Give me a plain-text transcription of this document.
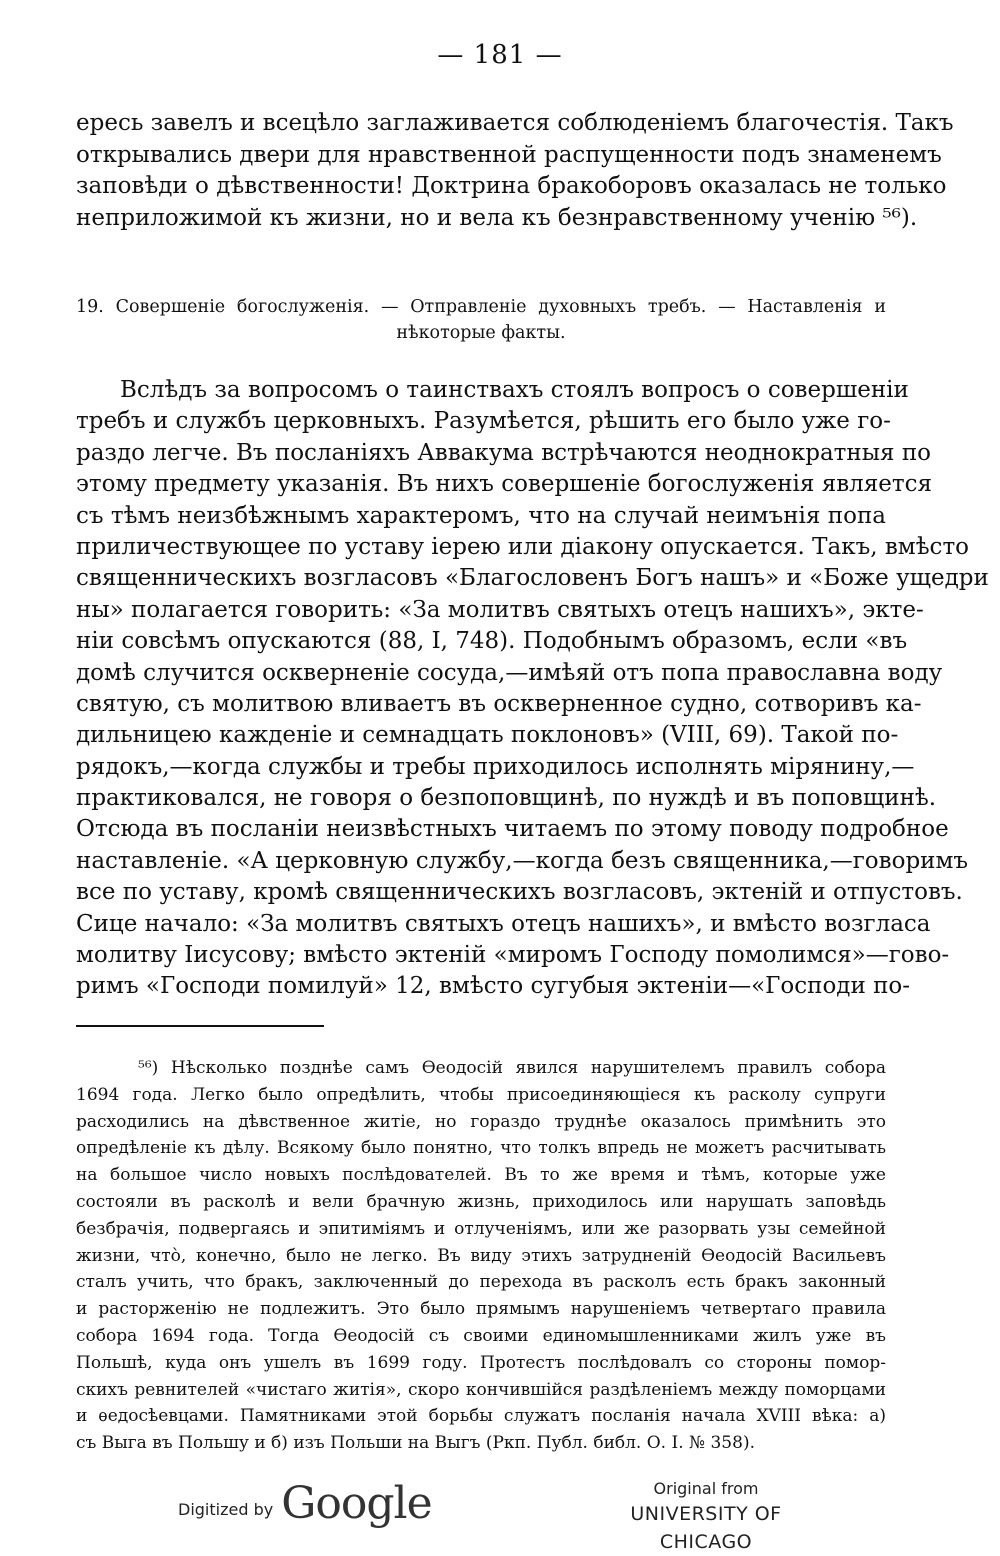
— 181 —
ересь завелъ и всецѣло заглаживается соблюденіемъ благочестія. Такъ
открывались двери для нравственной распущенности подъ знаменемъ
заповѣди о дѣвственности! Доктрина бракоборовъ оказалась не только
неприложимой къ жизни, но и вела къ безнравственному ученію ⁵⁶).
19. Совершеніе богослуженія. — Отправленіе духовныхъ требъ. — Наставленія и
нѣкоторые факты.
Вслѣдъ за вопросомъ о таинствахъ стоялъ вопросъ о совершеніи
требъ и службъ церковныхъ. Разумѣется, рѣшить его было уже го-
раздо легче. Въ посланіяхъ Аввакума встрѣчаются неоднократныя по
этому предмету указанія. Въ нихъ совершеніе богослуженія является
съ тѣмъ неизбѣжнымъ характеромъ, что на случай неимънія попа
приличествующее по уставу іерею или діакону опускается. Такъ, вмѣсто
священническихъ возгласовъ «Благословенъ Богъ нашъ» и «Боже ущедри
ны» полагается говорить: «За молитвъ святыхъ отецъ нашихъ», эктe-
ніи совсѣмъ опускаются (88, I, 748). Подобнымъ образомъ, если «въ
домѣ случится оскверненіе сосуда,—имѣяй отъ попа православна воду
святую, съ молитвою вливаетъ въ оскверненное судно, сотворивъ ка-
дильницею кажденіе и семнадцать поклоновъ» (VIII, 69). Такой по-
рядокъ,—когда службы и требы приходилось исполнять мірянину,—
практиковался, не говоря о безпоповщинѣ, по нуждѣ и въ поповщинѣ.
Отсюда въ посланіи неизвѣстныхъ читаемъ по этому поводу подробное
наставленіе. «А церковную службу,—когда безъ священника,—говоримъ
все по уставу, кромѣ священническихъ возгласовъ, эктеній и отпустовъ.
Сице начало: «За молитвъ святыхъ отецъ нашихъ», и вмѣсто возгласа
молитву Іисусову; вмѣсто эктеній «миромъ Господу помолимся»—гово-
римъ «Господи помилуй» 12, вмѣсто сугубыя эктеніи—«Господи по-
⁵⁶) Нѣсколько позднѣе самъ Ѳеодосій явился нарушителемъ правилъ собора
1694 года. Легко было опредѣлить, чтобы присоединяющіеся къ расколу супруги
расходились на дѣвственное житіе, но гораздо труднѣе оказалось примѣнить это
опредѣленіе къ дѣлу. Всякому было понятно, что толкъ впредь не можетъ расчитывать
на большое число новыхъ послѣдователей. Въ то же время и тѣмъ, которые уже
состояли въ расколѣ и вели брачную жизнь, приходилось или нарушать заповѣдь
безбрачія, подвергаясь и эпитиміямъ и отлученіямъ, или же разорвать узы семейной
жизни, что̀, конечно, было не легко. Въ виду этихъ затрудненій Ѳеодосій Васильевъ
сталъ учить, что бракъ, заключенный до перехода въ расколъ есть бракъ законный
и расторженію не подлежитъ. Это было прямымъ нарушеніемъ четвертаго правила
собора 1694 года. Тогда Ѳеодосій съ своими единомышленниками жилъ уже въ
Польшѣ, куда онъ ушелъ въ 1699 году. Протестъ послѣдовалъ со стороны помор-
скихъ ревнителей «чистаго житія», скоро кончившійся раздѣленіемъ между поморцами
и ѳедосѣевцами. Памятниками этой борьбы служатъ посланія начала XVIII вѣка: а)
съ Выга въ Польшу и б) изъ Польши на Выгъ (Ркп. Публ. библ. О. I. № 358).
Digitized by Google	Original from
UNIVERSITY OF CHICAGO
